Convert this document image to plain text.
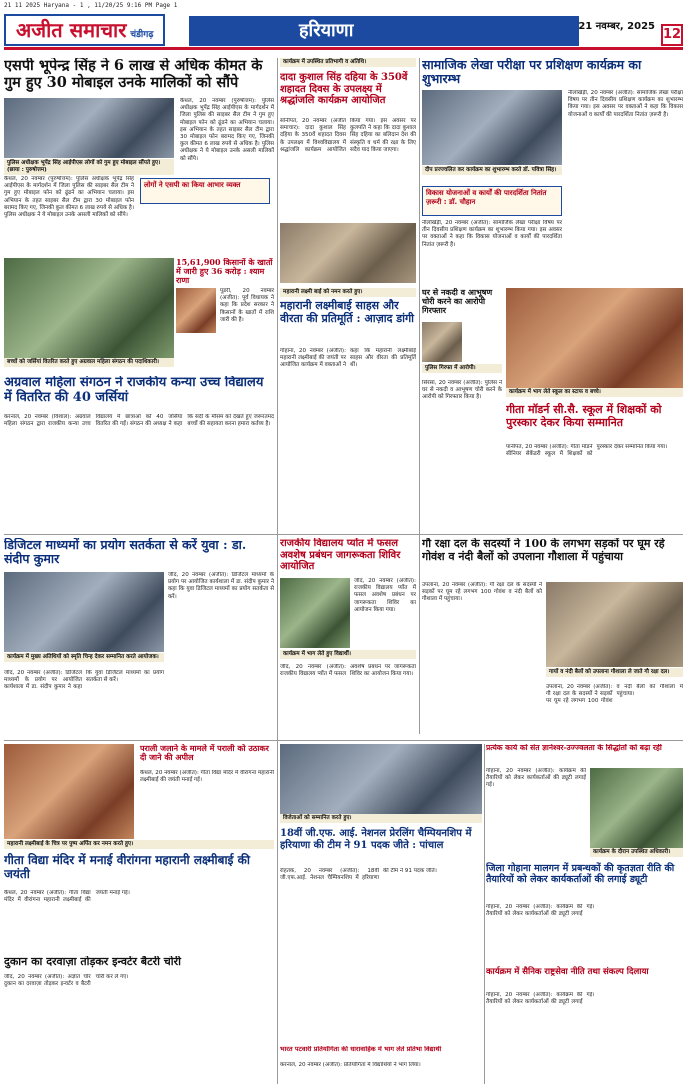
21 11 2025 Haryana - 1 , 11/20/25 9:16 PM Page 1
अजीत समाचार चंडीगढ़	हरियाणा	21 नवम्बर, 2025
12
एसपी भूपेन्द्र सिंह ने 6 लाख से अधिक कीमत के गुम हुए 30 मोबाइल उनके मालिकों को सौंपे
पुलिस अधीक्षक भूपेंद्र सिंह आईपीएस लोगों को गुम हुए मोबाइल सौंपते हुए। (छाया : पुरुषोत्तम)
कैथल, 20 नवम्बर (पुरुषोत्तम): पुलिस अधीक्षक भूपेंद्र सिंह आईपीएस के मार्गदर्शन में जिला पुलिस की साइबर सैल टीम ने गुम हुए मोबाइल फोन को ढूंढने का अभियान चलाया। इस अभियान के तहत साइबर सैल टीम द्वारा 30 मोबाइल फोन बरामद किए गए, जिनकी कुल कीमत 6 लाख रुपये से अधिक है। पुलिस अधीक्षक ने ये मोबाइल उनके असली मालिकों को सौंपे।
लोगों ने एसपी का किया आभार व्यक्त
कैथल, 20 नवम्बर (पुरुषोत्तम): पुलिस अधीक्षक भूपेंद्र सिंह आईपीएस के मार्गदर्शन में जिला पुलिस की साइबर सैल टीम ने गुम हुए मोबाइल फोन को ढूंढने का अभियान चलाया। इस अभियान के तहत साइबर सैल टीम द्वारा 30 मोबाइल फोन बरामद किए गए, जिनकी कुल कीमत 6 लाख रुपये से अधिक है। पुलिस अधीक्षक ने ये मोबाइल उनके असली मालिकों को सौंपे।
15,61,900 किसानों के खातों में जारी हुए 36 करोड़ : श्याम राणा
पूंडरी, 20 नवम्बर (अजीत): पूर्व विधायक ने कहा कि प्रदेश सरकार ने किसानों के खातों में राशि जारी की है।
बच्चों को जर्सियां वितरित करते हुए अग्रवाल महिला संगठन की पदाधिकारी।
अग्रवाल महिला संगठन ने राजकीय कन्या उच्च विद्यालय में वितरित की 40 जर्सियां
करनाल, 20 नवम्बर (विशाल): अग्रवाल महिला संगठन द्वारा राजकीय कन्या उच्च विद्यालय में छात्राओं को 40 जर्सियां वितरित की गईं। संगठन की अध्यक्ष ने कहा कि सर्दी के मौसम को देखते हुए जरूरतमंद बच्चों की सहायता करना हमारा कर्तव्य है।
कार्यक्रम में उपस्थित प्रतिभागी व अतिथि।
दादा कुशाल सिंह दहिया के 350वें शहादत दिवस के उपलक्ष्य में श्रद्धांजलि कार्यक्रम आयोजित
सोनीपत, 20 नवम्बर (अजीत समाचार): दादा कुशाल सिंह दहिया के 350वें शहादत दिवस के उपलक्ष्य में विश्वविद्यालय में श्रद्धांजलि कार्यक्रम आयोजित किया गया। इस अवसर पर कुलपति ने कहा कि दादा कुशाल सिंह दहिया का बलिदान देश की संस्कृति व धर्म की रक्षा के लिए सदैव याद किया जाएगा।
महारानी लक्ष्मी बाई को नमन करते हुए।
महारानी लक्ष्मीबाई साहस और वीरता की प्रतिमूर्ति : आज़ाद डांगी
गोहाना, 20 नवम्बर (अजीत): महारानी लक्ष्मीबाई की जयंती पर आयोजित कार्यक्रम में वक्ताओं ने कहा कि महारानी लक्ष्मीबाई साहस और वीरता की प्रतिमूर्ति थीं।
सामाजिक लेखा परीक्षा पर प्रशिक्षण कार्यक्रम का शुभारम्भ
दीप प्रज्ज्वलित कर कार्यक्रम का शुभारम्भ करते डॉ. पवित्रा सिंह।
विकास योजनाओं व कार्यों की पारदर्शिता नितांत ज़रूरी : डॉ. चौहान
नीलोखेड़ी, 20 नवम्बर (अजीत): सामाजिक लेखा परीक्षा विषय पर तीन दिवसीय प्रशिक्षण कार्यक्रम का शुभारम्भ किया गया। इस अवसर पर वक्ताओं ने कहा कि विकास योजनाओं व कार्यों की पारदर्शिता नितांत ज़रूरी है।
नीलोखेड़ी, 20 नवम्बर (अजीत): सामाजिक लेखा परीक्षा विषय पर तीन दिवसीय प्रशिक्षण कार्यक्रम का शुभारम्भ किया गया। इस अवसर पर वक्ताओं ने कहा कि विकास योजनाओं व कार्यों की पारदर्शिता नितांत ज़रूरी है।
घर से नकदी व आभूषण चोरी करने का आरोपी गिरफ्तार
पुलिस गिरफ्त में आरोपी।
सिरसा, 20 नवम्बर (अजीत): पुलिस ने घर से नकदी व आभूषण चोरी करने के आरोपी को गिरफ्तार किया है।
कार्यक्रम में भाग लेते स्कूल का स्टाफ व बच्चे।
गीता मॉडर्न सी.सै. स्कूल में शिक्षकों को पुरस्कार देकर किया सम्मानित
पानीपत, 20 नवम्बर (अजीत): गीता मॉडर्न सीनियर सेकेंडरी स्कूल में शिक्षकों को पुरस्कार देकर सम्मानित किया गया।
डिजिटल माध्यमों का प्रयोग सतर्कता से करें युवा : डा. संदीप कुमार
कार्यक्रम में मुख्य अतिथियों को स्मृति चिन्ह देकर सम्मानित करते आयोजक।
जींद, 20 नवम्बर (अजीत): डिजिटल माध्यमों के प्रयोग पर आयोजित कार्यशाला में डा. संदीप कुमार ने कहा कि युवा डिजिटल माध्यमों का प्रयोग सतर्कता से करें।
जींद, 20 नवम्बर (अजीत): डिजिटल माध्यमों के प्रयोग पर आयोजित कार्यशाला में डा. संदीप कुमार ने कहा कि युवा डिजिटल माध्यमों का प्रयोग सतर्कता से करें।
राजकीय विद्यालय प्योंत में फसल अवशेष प्रबंधन जागरूकता शिविर आयोजित
कार्यक्रम में भाग लेते हुए विद्यार्थी।
जींद, 20 नवम्बर (अजीत): राजकीय विद्यालय प्योंत में फसल अवशेष प्रबंधन पर जागरूकता शिविर का आयोजन किया गया।
जींद, 20 नवम्बर (अजीत): राजकीय विद्यालय प्योंत में फसल अवशेष प्रबंधन पर जागरूकता शिविर का आयोजन किया गया।
गौ रक्षा दल के सदस्यों ने 100 के लगभग सड़कों पर घूम रहे गोवंश व नंदी बैलों को उपलाना गौशाला में पहुंचाया
उपलाना, 20 नवम्बर (अजीत): गौ रक्षा दल के सदस्यों ने सड़कों पर घूम रहे लगभग 100 गोवंश व नंदी बैलों को गौशाला में पहुंचाया।
गायों व नंदी बैलों को उपलाना गौशाला ले जाते गौ रक्षा दल।
उपलाना, 20 नवम्बर (अजीत): गौ रक्षा दल के सदस्यों ने सड़कों पर घूम रहे लगभग 100 गोवंश व नंदी बैलों को गौशाला में पहुंचाया।
पराली जलाने के मामले में पराली को उठाकर दी जाने की अपील
कैथल, 20 नवम्बर (अजीत): गीता विद्या मंदिर में वीरांगना महारानी लक्ष्मीबाई की जयंती मनाई गई।
महारानी लक्ष्मीबाई के चित्र पर पुष्प अर्पित कर नमन करते हुए।
गीता विद्या मंदिर में मनाई वीरांगना महारानी लक्ष्मीबाई की जयंती
कैथल, 20 नवम्बर (अजीत): गीता विद्या मंदिर में वीरांगना महारानी लक्ष्मीबाई की जयंती मनाई गई।
दुकान का दरवाज़ा तोड़कर इन्वर्टर बैटरी चोरी
जींद, 20 नवम्बर (अजीत): अज्ञात चोर दुकान का दरवाज़ा तोड़कर इन्वर्टर व बैटरी चोरी कर ले गए।
विजेताओं को सम्मानित करते हुए।
18वीं जी.एफ. आई. नेशनल प्रेरलिंग चैम्पियनशिप में हरियाणा की टीम ने 91 पदक जीते : पांचाल
रोहतक, 20 नवम्बर (अजीत): 18वीं जी.एफ.आई. नेशनल चैम्पियनशिप में हरियाणा की टीम ने 91 पदक जीते।
भारत पटवारी प्रतियोगिता की धारावाहिक में भाग लेते प्रतिभा विद्यार्थी
करनाल, 20 नवम्बर (अजीत): प्रतियोगिता में विद्यार्थियों ने भाग लिया।
प्रत्येक कार्य को संत ज्ञानेश्वर-उज्ज्वलता के सिद्धांतों को बढ़ा रहीं
गोहाना, 20 नवम्बर (अजीत): कार्यक्रम की तैयारियों को लेकर कार्यकर्ताओं की ड्यूटी लगाई गई।
कार्यक्रम के दौरान उपस्थित अधिकारी।
जिला गोहाना मालगन में प्रबन्धकों की कृतज्ञता रीति की तैयारियों को लेकर कार्यकर्ताओं की लगाई ड्यूटी
गोहाना, 20 नवम्बर (अजीत): कार्यक्रम की तैयारियों को लेकर कार्यकर्ताओं की ड्यूटी लगाई गई।
कार्यक्रम में सैनिक राष्ट्रसेवा नीति तथा संकल्प दिलाया
गोहाना, 20 नवम्बर (अजीत): कार्यक्रम की तैयारियों को लेकर कार्यकर्ताओं की ड्यूटी लगाई गई।
